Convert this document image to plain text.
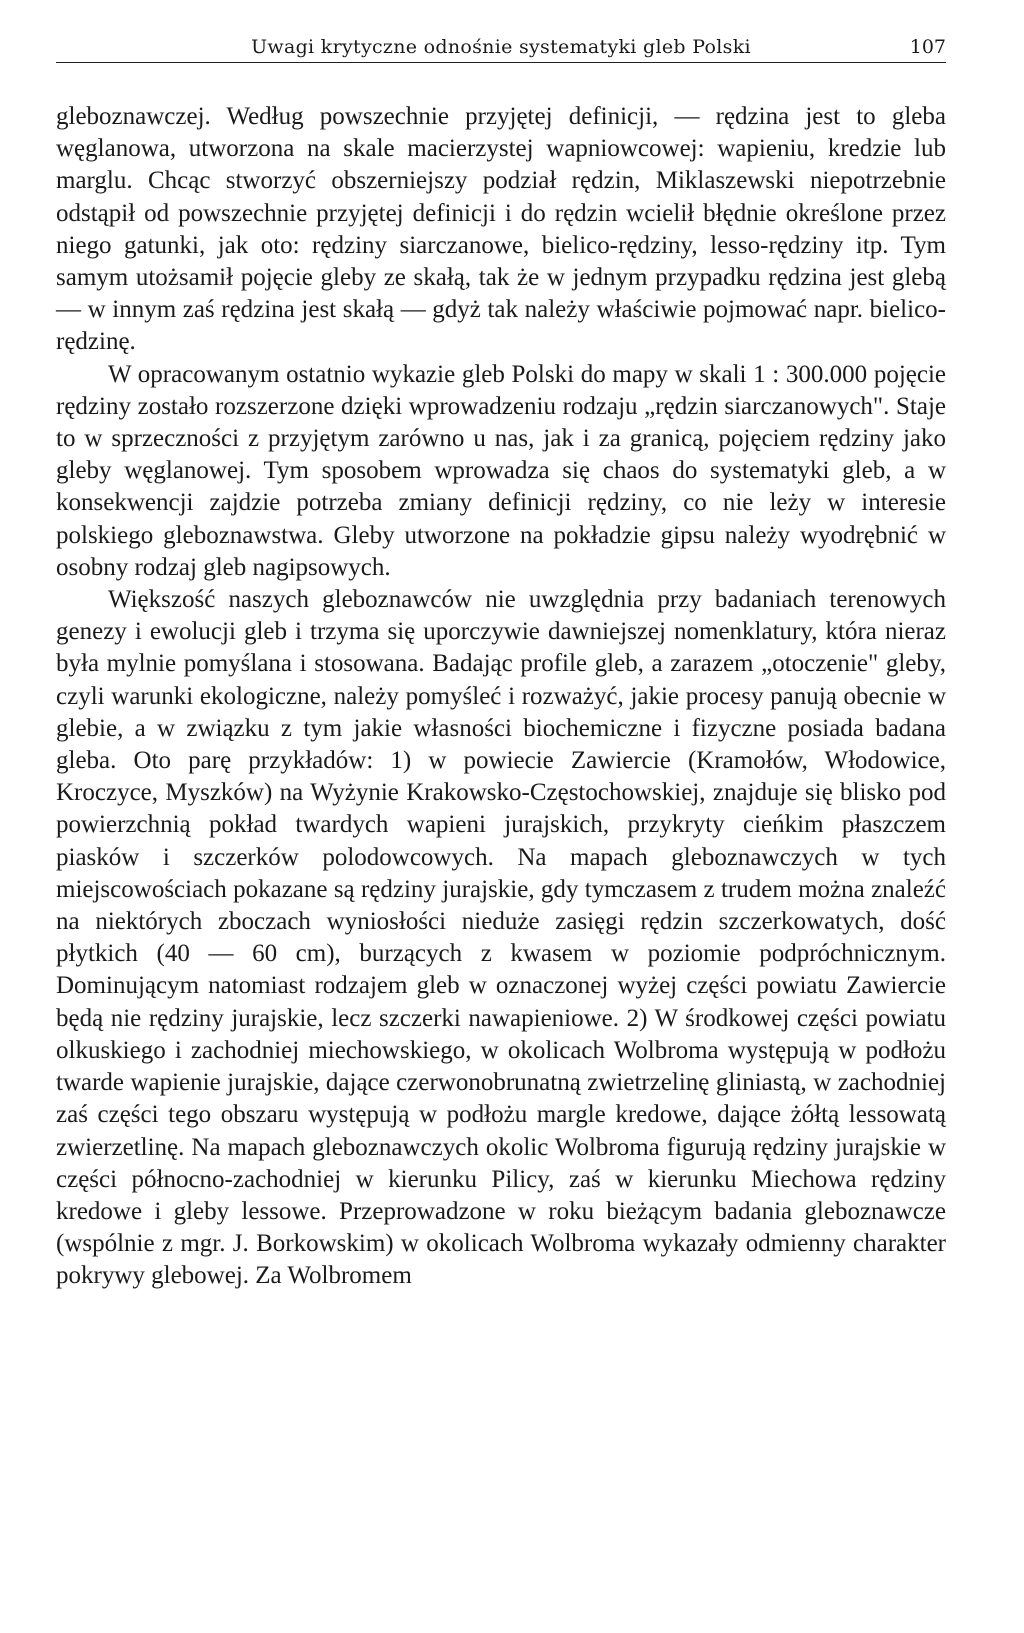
Uwagi krytyczne odnośnie systematyki gleb Polski	107

gleboznawczej. Według powszechnie przyjętej definicji, — rędzina jest to gleba węglanowa, utworzona na skale macierzystej wapniowcowej: wapieniu, kredzie lub marglu. Chcąc stworzyć obszerniejszy podział rędzin, Miklaszewski niepotrzebnie odstąpił od powszechnie przyjętej definicji i do rędzin wcielił błędnie określone przez niego gatunki, jak oto: rędziny siarczanowe, bielico-rędziny, lesso-rędziny itp. Tym samym utożsamił pojęcie gleby ze skałą, tak że w jednym przypadku rędzina jest glebą — w innym zaś rędzina jest skałą — gdyż tak należy właściwie pojmować napr. bielico-rędzinę.

W opracowanym ostatnio wykazie gleb Polski do mapy w skali 1 : 300.000 pojęcie rędziny zostało rozszerzone dzięki wprowadzeniu rodzaju „rędzin siarczanowych". Staje to w sprzeczności z przyjętym zarówno u nas, jak i za granicą, pojęciem rędziny jako gleby węglanowej. Tym sposobem wprowadza się chaos do systematyki gleb, a w konsekwencji zajdzie potrzeba zmiany definicji rędziny, co nie leży w interesie polskiego gleboznawstwa. Gleby utworzone na pokładzie gipsu należy wyodrębnić w osobny rodzaj gleb nagipsowych.

Większość naszych gleboznawców nie uwzględnia przy badaniach terenowych genezy i ewolucji gleb i trzyma się uporczywie dawniejszej nomenklatury, która nieraz była mylnie pomyślana i stosowana. Badając profile gleb, a zarazem „otoczenie" gleby, czyli warunki ekologiczne, należy pomyśleć i rozważyć, jakie procesy panują obecnie w glebie, a w związku z tym jakie własności biochemiczne i fizyczne posiada badana gleba. Oto parę przykładów: 1) w powiecie Zawiercie (Kramołów, Włodowice, Kroczyce, Myszków) na Wyżynie Krakowsko-Częstochowskiej, znajduje się blisko pod powierzchnią pokład twardych wapieni jurajskich, przykryty cieńkim płaszczem piasków i szczerków polodowcowych. Na mapach gleboznawczych w tych miejscowościach pokazane są rędziny jurajskie, gdy tymczasem z trudem można znaleźć na niektórych zboczach wyniosłości nieduże zasięgi rędzin szczerkowatych, dość płytkich (40 — 60 cm), burzących z kwasem w poziomie podpróchnicznym. Dominującym natomiast rodzajem gleb w oznaczonej wyżej części powiatu Zawiercie będą nie rędziny jurajskie, lecz szczerki nawapieniowe. 2) W środkowej części powiatu olkuskiego i zachodniej miechowskiego, w okolicach Wolbroma występują w podłożu twarde wapienie jurajskie, dające czerwonobrunatną zwietrzelinę gliniastą, w zachodniej zaś części tego obszaru występują w podłożu margle kredowe, dające żółtą lessowatą zwierzetlinę. Na mapach gleboznawczych okolic Wolbroma figurują rędziny jurajskie w części północno-zachodniej w kierunku Pilicy, zaś w kierunku Miechowa rędziny kredowe i gleby lessowe. Przeprowadzone w roku bieżącym badania gleboznawcze (wspólnie z mgr. J. Borkowskim) w okolicach Wolbroma wykazały odmienny charakter pokrywy glebowej. Za Wolbromem
